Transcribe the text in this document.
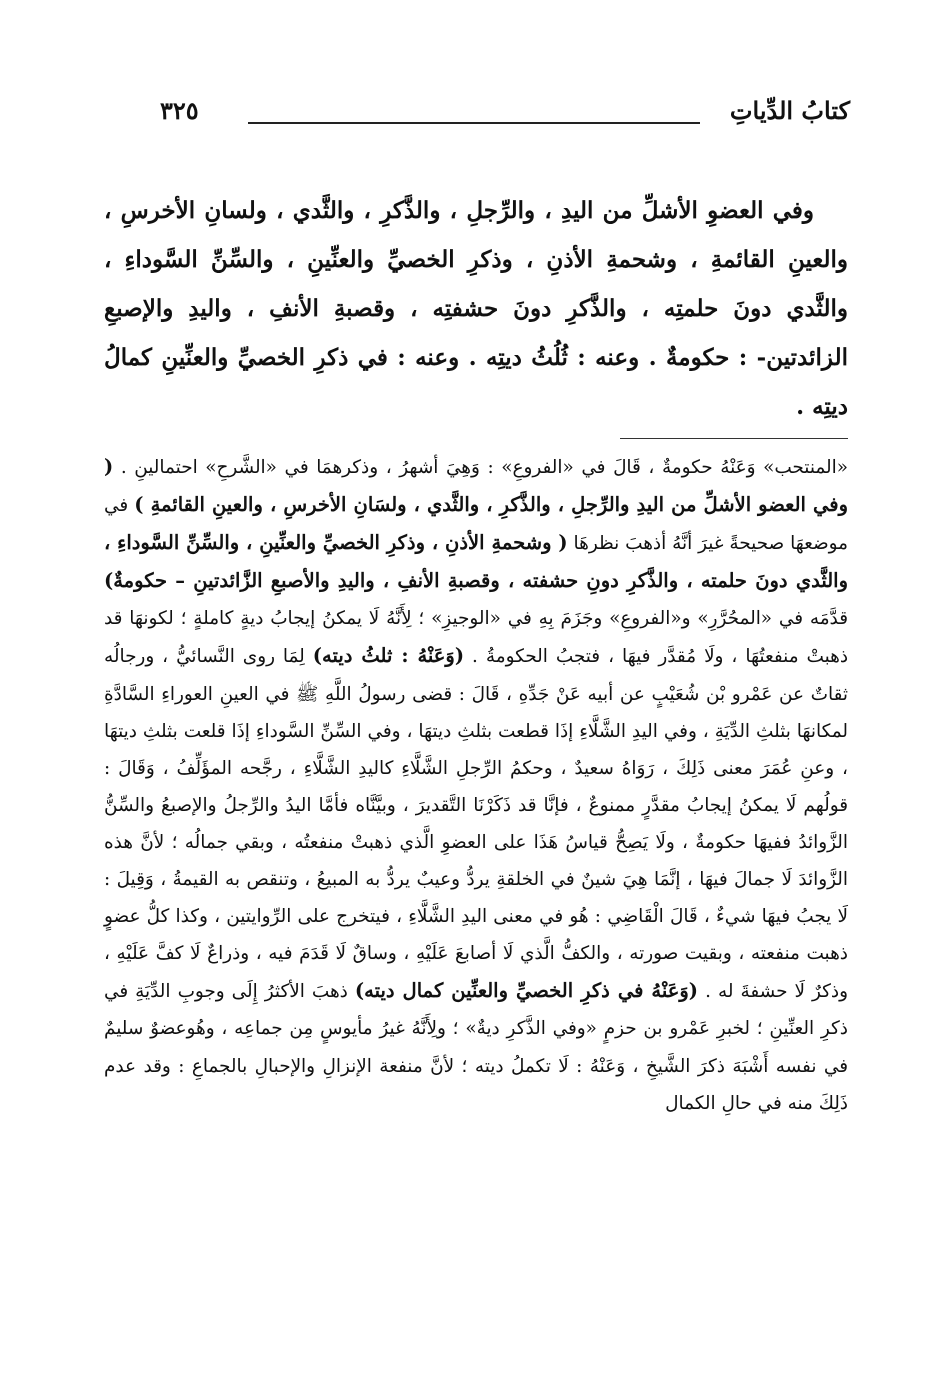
كتابُ الدِّياتِ
٣٢٥

وفي العضوِ الأشلِّ من اليدِ ، والرِّجلِ ، والذَّكرِ ، والثَّدي ، ولسانِ الأخرسِ ، والعينِ القائمةِ ، وشحمةِ الأذنِ ، وذكرِ الخصيِّ والعنِّينِ ، والسِّنِّ السَّوداءِ ، والثَّدي دونَ حلمتِه ، والذَّكرِ دونَ حشفتِه ، وقصبةِ الأنفِ ، واليدِ والإصبعِ الزائدتين- : حكومةٌ . وعنه : ثُلُثُ ديتِه . وعنه : في ذكرِ الخصيِّ والعنِّينِ كمالُ ديتِه .

«المنتحب» وَعَنْهُ حكومةٌ ، قَالَ في «الفروعِ» : وَهِيَ أشهرُ ، وذكرهمَا في «الشَّرحِ» احتمالينِ . ( وفي العضو الأشلِّ من اليدِ والرِّجلِ ، والذَّكرِ ، والثَّدي ، ولسَانِ الأخرسِ ، والعينِ القائمةِ ) في موضعهَا صحيحةً غيرَ أنَّهُ أذهبَ نظرهَا ( وشحمةِ الأذنِ ، وذكرِ الخصيِّ والعنِّينِ ، والسِّنِّ السَّوداءِ ، والثَّدي دونَ حلمته ، والذَّكرِ دونِ حشفته ، وقصبةِ الأنفِ ، واليدِ والأصبعِ الزَّائدتينِ – حكومةٌ) قدَّمَه في «المحُرَّرِ» و«الفروعِ» وجَزَمَ بِهِ في «الوجيزِ» ؛ لِأَنَّهُ لَا يمكنُ إيجابُ ديةٍ كاملةٍ ؛ لكونهَا قد ذهبتْ منفعتُهَا ، ولَا مُقدَّر فيهَا ، فتجبُ الحكومةُ . (وَعَنْهُ : ثلثُ ديته) لِمَا روى النَّسائيُّ ، ورجالُه ثقاتٌ عن عَمْرو بْن شُعَيْبٍ عن أبيه عَنْ جَدِّهِ ، قَالَ : قضى رسولُ اللَّهِ ﷺ في العينِ العوراءِ السَّادَّةِ لمكانهَا بثلثِ الدِّيَةِ ، وفي اليدِ الشَّلَّاءِ إذَا قطعت بثلثِ ديتهَا ، وفي السِّنِّ السَّوداءِ إذَا قلعت بثلثِ ديتهَا ، وعنِ عُمَرَ معنى ذَلِكَ ، رَوَاهُ سعيدٌ ، وحكمُ الرِّجلِ الشَّلَّاءِ كاليدِ الشَّلَّاءِ ، رجَّحه المؤَلِّفُ ، وَقَالَ : قولُهم لَا يمكنُ إيجابُ مقدَّرٍ ممنوعٌ ، فإنَّا قد ذَكَرْنَا التَّقديرَ ، وبيَّنَّاه فأمَّا اليدُ والرِّجلُ والإصبعُ والسِّنُّ الزَّوائدُ ففيهَا حكومةٌ ، ولَا يَصِحُّ قياسُ هَذَا على العضوِ الَّذي ذهبتْ منفعتُه ، وبقي جمالُه ؛ لأنَّ هذه الزَّوائدَ لَا جمالَ فيهَا ، إنَّمَا هِيَ شينٌ في الخلقةِ يردُّ وعيبٌ يردُّ به المبيعُ ، وتنقص به القيمةُ ، وَقِيلَ : لَا يجبُ فيهَا شيءٌ ، قَالَ الْقَاضِي : هُو في معنى اليدِ الشَّلَّاءِ ، فيتخرج على الرِّوايتين ، وكذا كلُّ عضوٍ ذهبت منفعته ، وبقيت صورته ، والكفُّ الَّذي لَا أصابعَ عَلَيْهِ ، وساقٌ لَا قَدَمَ فيه ، وذراعٌ لَا كفَّ عَلَيْهِ ، وذكرٌ لَا حشفةَ له . (وَعَنْهُ في ذكرِ الخصيِّ والعنِّين كمال ديته) ذهبَ الأكثرُ إِلَى وجوبِ الدِّيَةِ في ذكرِ العنِّينِ ؛ لخبرِ عَمْرو بن حزمٍ «وفي الذَّكرِ ديةٌ» ؛ ولِأَنَّهُ غيرُ مأيوسٍ مِن جماعِه ، وهُوعضوٌ سليمٌ في نفسه أَشْبَهَ ذكرَ الشَّيخِ ، وَعَنْهُ : لَا تكملُ ديته ؛ لأنَّ منفعة الإنزالِ والإحبالِ بالجماعِ : وقد عدم ذَلِكَ منه في حالِ الكمال
